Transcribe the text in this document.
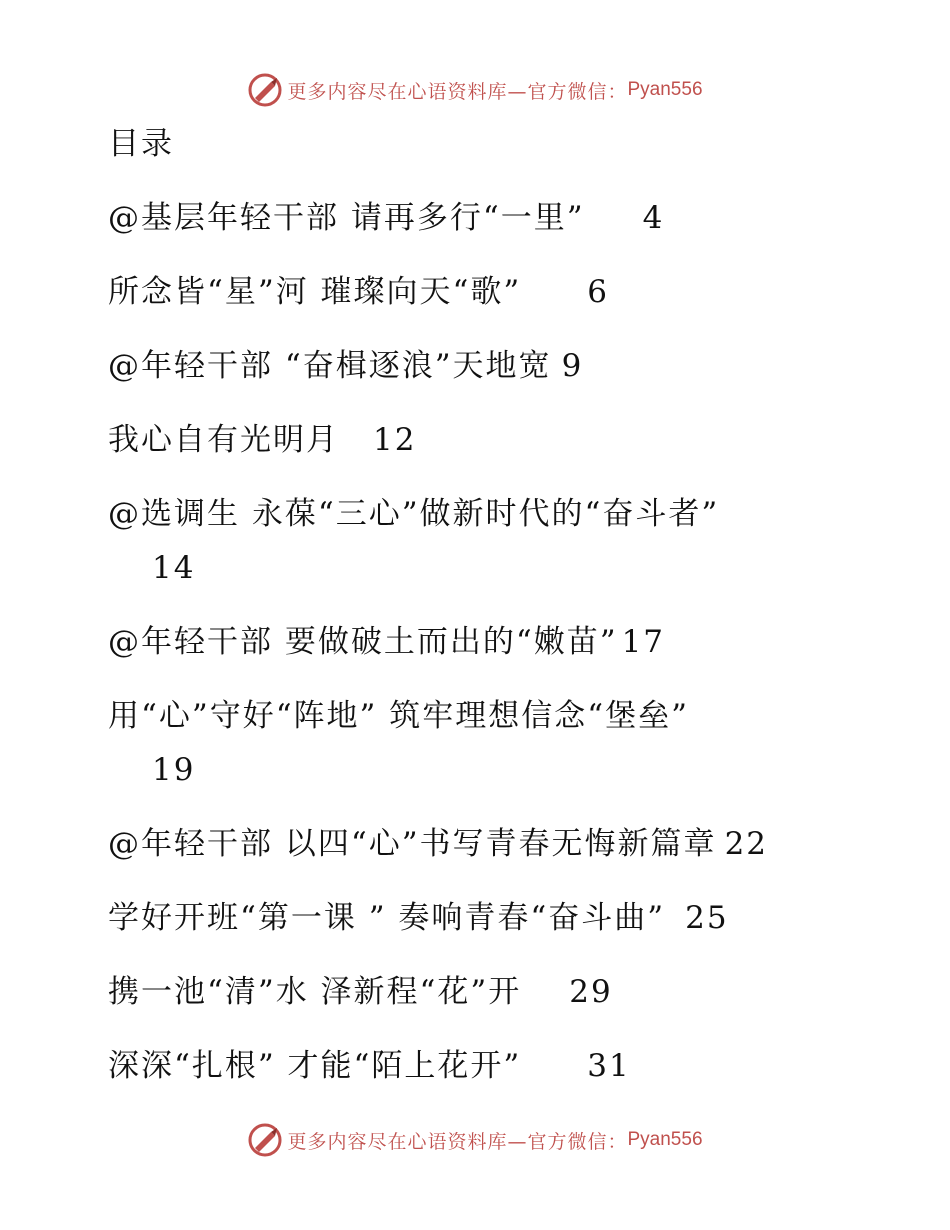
更多内容尽在心语资料库—官方微信： Pyan556
目录
@基层年轻干部 请再多行“一里” 4
所念皆“星”河 璀璨向天“歌” 6
@年轻干部 “奋楫逐浪”天地宽 9
我心自有光明月 12
@选调生 永葆“三心”做新时代的“奋斗者”
14
@年轻干部 要做破土而出的“嫩苗” 17
用“心”守好“阵地” 筑牢理想信念“堡垒”
19
@年轻干部 以四“心”书写青春无悔新篇章 22
学好开班“第一课 ” 奏响青春“奋斗曲” 25
携一池“清”水 泽新程“花”开 29
深深“扎根” 才能“陌上花开” 31
更多内容尽在心语资料库—官方微信： Pyan556
